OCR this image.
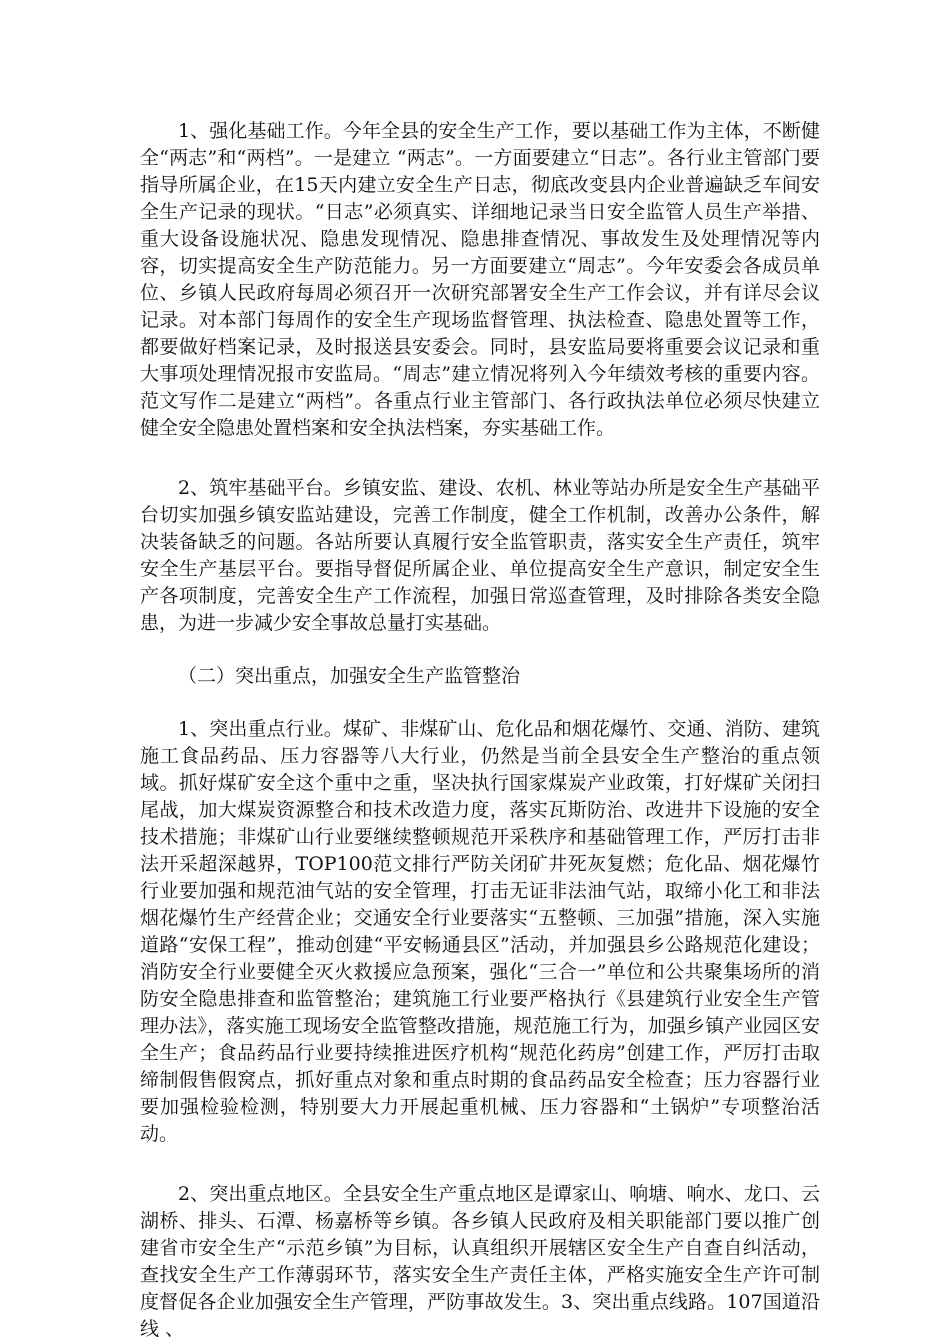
1、强化基础工作。今年全县的安全生产工作，要以基础工作为主体，不断健全“两志”和“两档”。一是建立 “两志”。一方面要建立“日志”。各行业主管部门要指导所属企业，在15天内建立安全生产日志，彻底改变县内企业普遍缺乏车间安全生产记录的现状。“日志”必须真实、详细地记录当日安全监管人员生产举措、重大设备设施状况、隐患发现情况、隐患排查情况、事故发生及处理情况等内容，切实提高安全生产防范能力。另一方面要建立“周志”。今年安委会各成员单位、乡镇人民政府每周必须召开一次研究部署安全生产工作会议，并有详尽会议记录。对本部门每周作的安全生产现场监督管理、执法检查、隐患处置等工作，都要做好档案记录，及时报送县安委会。同时，县安监局要将重要会议记录和重大事项处理情况报市安监局。“周志”建立情况将列入今年绩效考核的重要内容。范文写作二是建立“两档”。各重点行业主管部门、各行政执法单位必须尽快建立健全安全隐患处置档案和安全执法档案，夯实基础工作。

2、筑牢基础平台。乡镇安监、建设、农机、林业等站办所是安全生产基础平台切实加强乡镇安监站建设，完善工作制度，健全工作机制，改善办公条件，解决装备缺乏的问题。各站所要认真履行安全监管职责，落实安全生产责任，筑牢安全生产基层平台。要指导督促所属企业、单位提高安全生产意识，制定安全生产各项制度，完善安全生产工作流程，加强日常巡查管理，及时排除各类安全隐患，为进一步减少安全事故总量打实基础。

（二）突出重点，加强安全生产监管整治

1、突出重点行业。煤矿、非煤矿山、危化品和烟花爆竹、交通、消防、建筑施工食品药品、压力容器等八大行业，仍然是当前全县安全生产整治的重点领域。抓好煤矿安全这个重中之重，坚决执行国家煤炭产业政策，打好煤矿关闭扫尾战，加大煤炭资源整合和技术改造力度，落实瓦斯防治、改进井下设施的安全技术措施；非煤矿山行业要继续整顿规范开采秩序和基础管理工作，严厉打击非法开采超深越界，TOP100范文排行严防关闭矿井死灰复燃；危化品、烟花爆竹行业要加强和规范油气站的安全管理，打击无证非法油气站，取缔小化工和非法烟花爆竹生产经营企业；交通安全行业要落实“五整顿、三加强”措施，深入实施道路“安保工程”，推动创建“平安畅通县区”活动，并加强县乡公路规范化建设；消防安全行业要健全灭火救援应急预案，强化“三合一”单位和公共聚集场所的消防安全隐患排查和监管整治；建筑施工行业要严格执行《县建筑行业安全生产管理办法》，落实施工现场安全监管整改措施，规范施工行为，加强乡镇产业园区安全生产；食品药品行业要持续推进医疗机构“规范化药房”创建工作，严厉打击取缔制假售假窝点，抓好重点对象和重点时期的食品药品安全检查；压力容器行业要加强检验检测，特别要大力开展起重机械、压力容器和“土锅炉”专项整治活动。

2、突出重点地区。全县安全生产重点地区是谭家山、响塘、响水、龙口、云湖桥、排头、石潭、杨嘉桥等乡镇。各乡镇人民政府及相关职能部门要以推广创建省市安全生产“示范乡镇”为目标，认真组织开展辖区安全生产自查自纠活动，查找安全生产工作薄弱环节，落实安全生产责任主体，严格实施安全生产许可制度督促各企业加强安全生产管理，严防事故发生。3、突出重点线路。107国道沿线 、
